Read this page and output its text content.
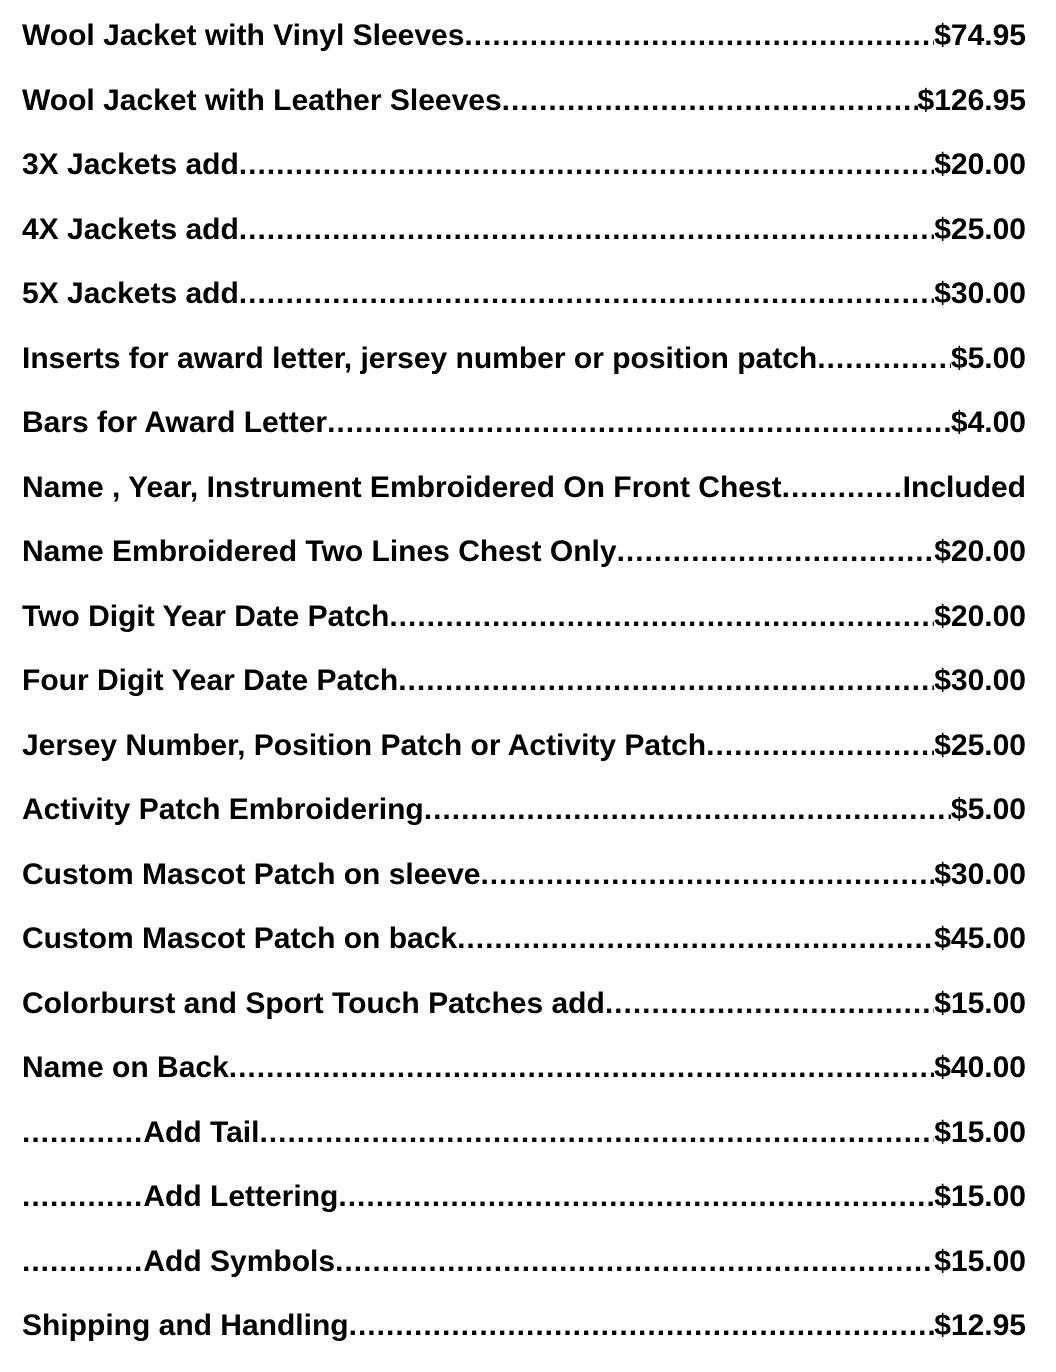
Wool Jacket with Vinyl Sleeves .....	$74.95
Wool Jacket with Leather Sleeves .....	$126.95
3X Jackets add .....	$20.00
4X Jackets add .....	$25.00
5X Jackets add .....	$30.00
Inserts for award letter, jersey number or position patch .....	$5.00
Bars for Award Letter .....	$4.00
Name , Year, Instrument Embroidered On Front Chest .....	Included
Name Embroidered Two Lines Chest Only .....	$20.00
Two Digit Year Date Patch .....	$20.00
Four Digit Year Date Patch .....	$30.00
Jersey Number, Position Patch or Activity Patch .....	$25.00
Activity Patch Embroidering .....	$5.00
Custom Mascot Patch on sleeve .....	$30.00
Custom Mascot Patch on back .....	$45.00
Colorburst and Sport Touch Patches add .....	$15.00
Name on Back .....	$40.00
............. Add Tail .....	$15.00
............. Add Lettering .....	$15.00
............. Add Symbols .....	$15.00
Shipping and Handling .....	$12.95
